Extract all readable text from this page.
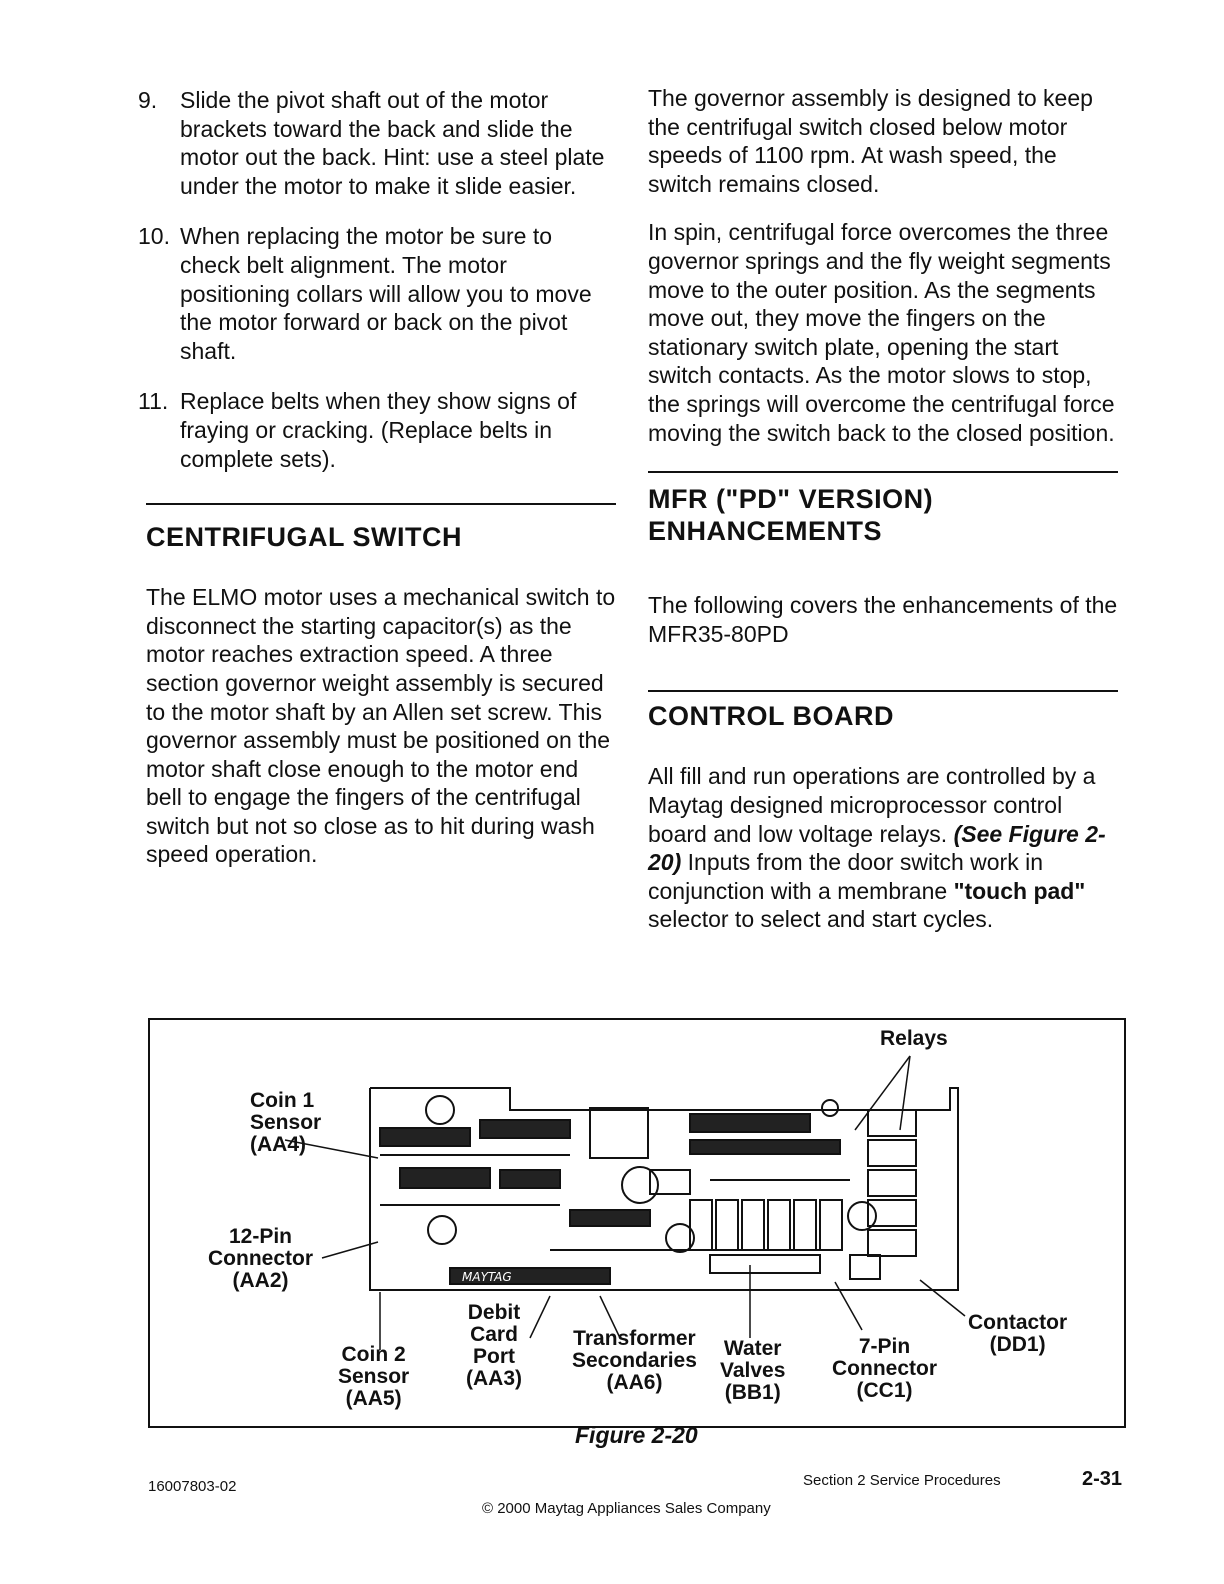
9. Slide the pivot shaft out of the motor brackets toward the back and slide the motor out the back. Hint: use a steel plate under the motor to make it slide easier.
10. When replacing the motor be sure to check belt alignment. The motor positioning collars will allow you to move the motor forward or back on the pivot shaft.
11. Replace belts when they show signs of fraying or cracking. (Replace belts in complete sets).
CENTRIFUGAL SWITCH

The ELMO motor uses a mechanical switch to disconnect the starting capacitor(s) as the motor reaches extraction speed. A three section governor weight assembly is secured to the motor shaft by an Allen set screw. This governor assembly must be positioned on the motor shaft close enough to the motor end bell to engage the fingers of the centrifugal switch but not so close as to hit during wash speed operation.

The governor assembly is designed to keep the centrifugal switch closed below motor speeds of 1100 rpm. At wash speed, the switch remains closed.

In spin, centrifugal force overcomes the three governor springs and the fly weight segments move to the outer position. As the segments move out, they move the fingers on the stationary switch plate, opening the start switch contacts. As the motor slows to stop, the springs will overcome the centrifugal force moving the switch back to the closed position.

MFR ("PD" VERSION)
ENHANCEMENTS

The following covers the enhancements of the MFR35-80PD

CONTROL BOARD

All fill and run operations are controlled by a Maytag designed microprocessor control board and low voltage relays. (See Figure 2-20) Inputs from the door switch work in conjunction with a membrane "touch pad" selector to select and start cycles.

MAYTAG
Relays
Coin 1
Sensor
(AA4)
12-Pin
Connector
(AA2)
Coin 2
Sensor
(AA5)
Debit
Card
Port
(AA3)
Transformer
Secondaries
(AA6)
Water
Valves
(BB1)
7-Pin
Connector
(CC1)
Contactor
(DD1)
Figure 2-20
16007803-02	Section 2 Service Procedures	2-31
© 2000 Maytag Appliances Sales Company
